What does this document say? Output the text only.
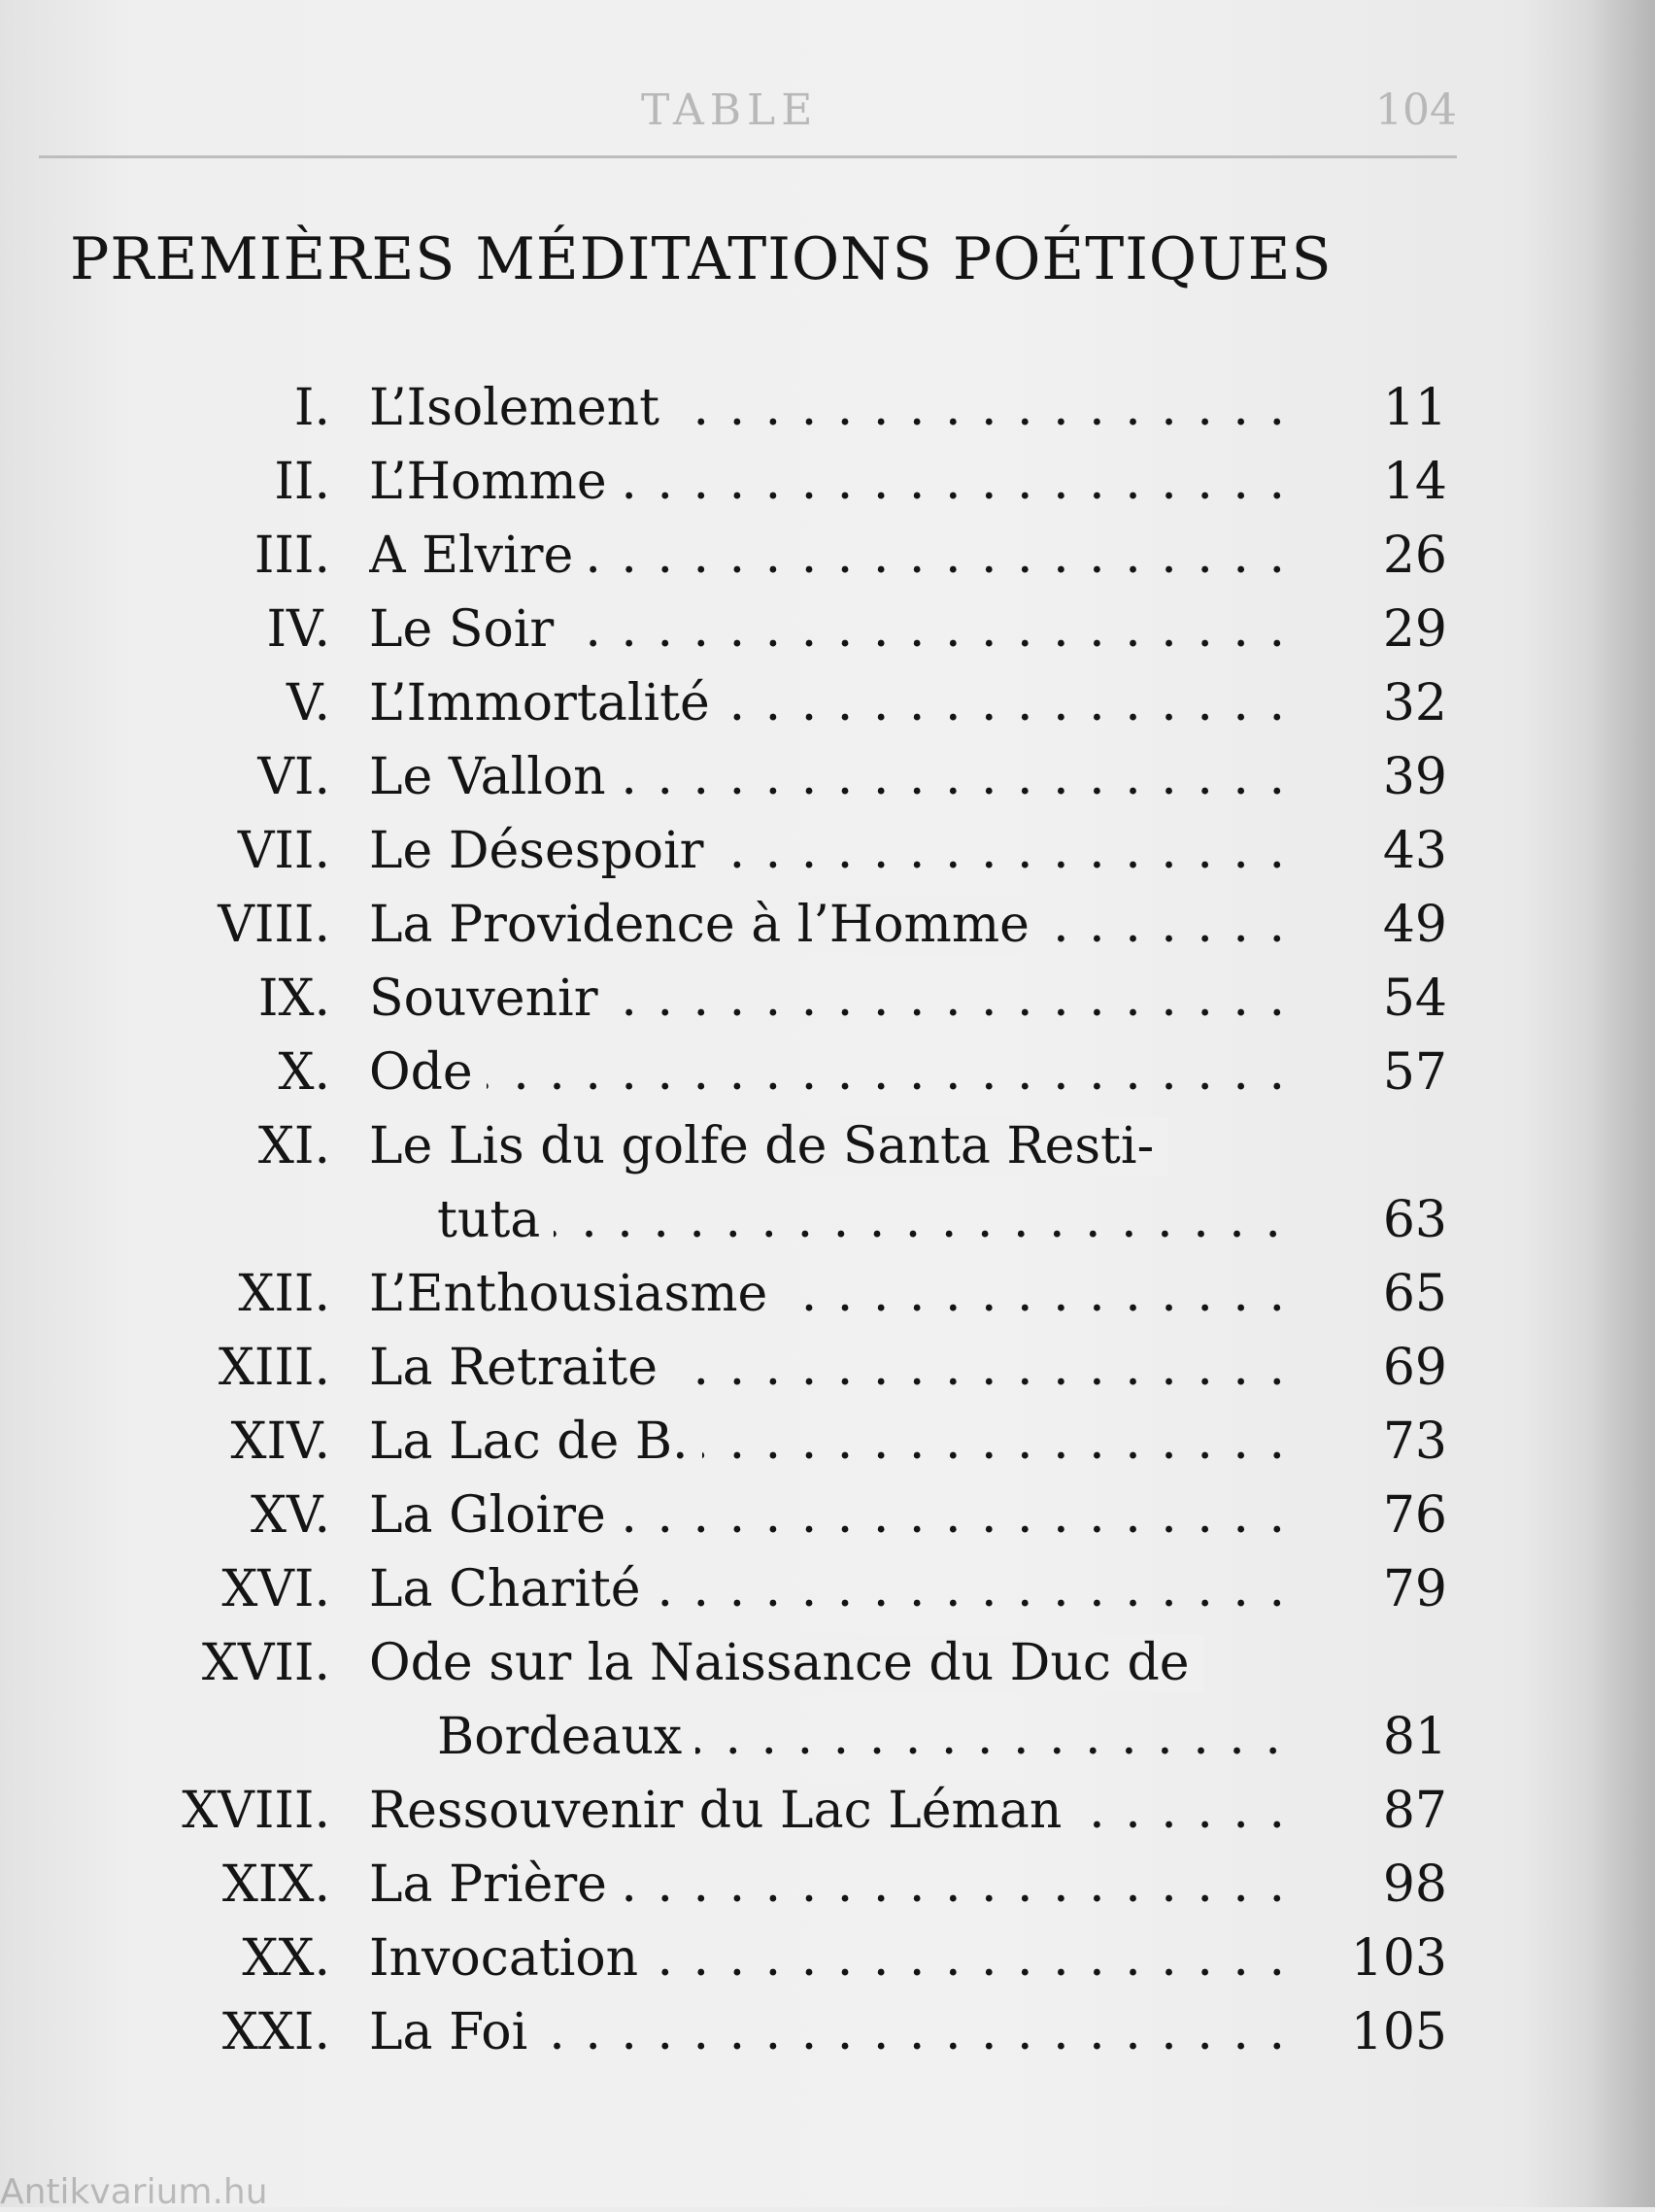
TABLE	104
PREMIÈRES MÉDITATIONS POÉTIQUES
I. L’Isolement . . .	11
II. L’Homme . . .	14
III. A Elvire . . .	26
IV. Le Soir . . .	29
V. L’Immortalité . . .	32
VI. Le Vallon . . .	39
VII. Le Désespoir . . .	43
VIII. La Providence à l’Homme . . .	49
IX. Souvenir . . .	54
X. Ode . . .	57
XI. Le Lis du golfe de Santa Resti-
tuta . . .	63
XII. L’Enthousiasme . . .	65
XIII. La Retraite . . .	69
XIV. La Lac de B. . . .	73
XV. La Gloire . . .	76
XVI. La Charité . . .	79
XVII. Ode sur la Naissance du Duc de
Bordeaux . . .	81
XVIII. Ressouvenir du Lac Léman . . .	87
XIX. La Prière . . .	98
XX. Invocation . . .	103
XXI. La Foi . . .	105
Antikvarium.hu
